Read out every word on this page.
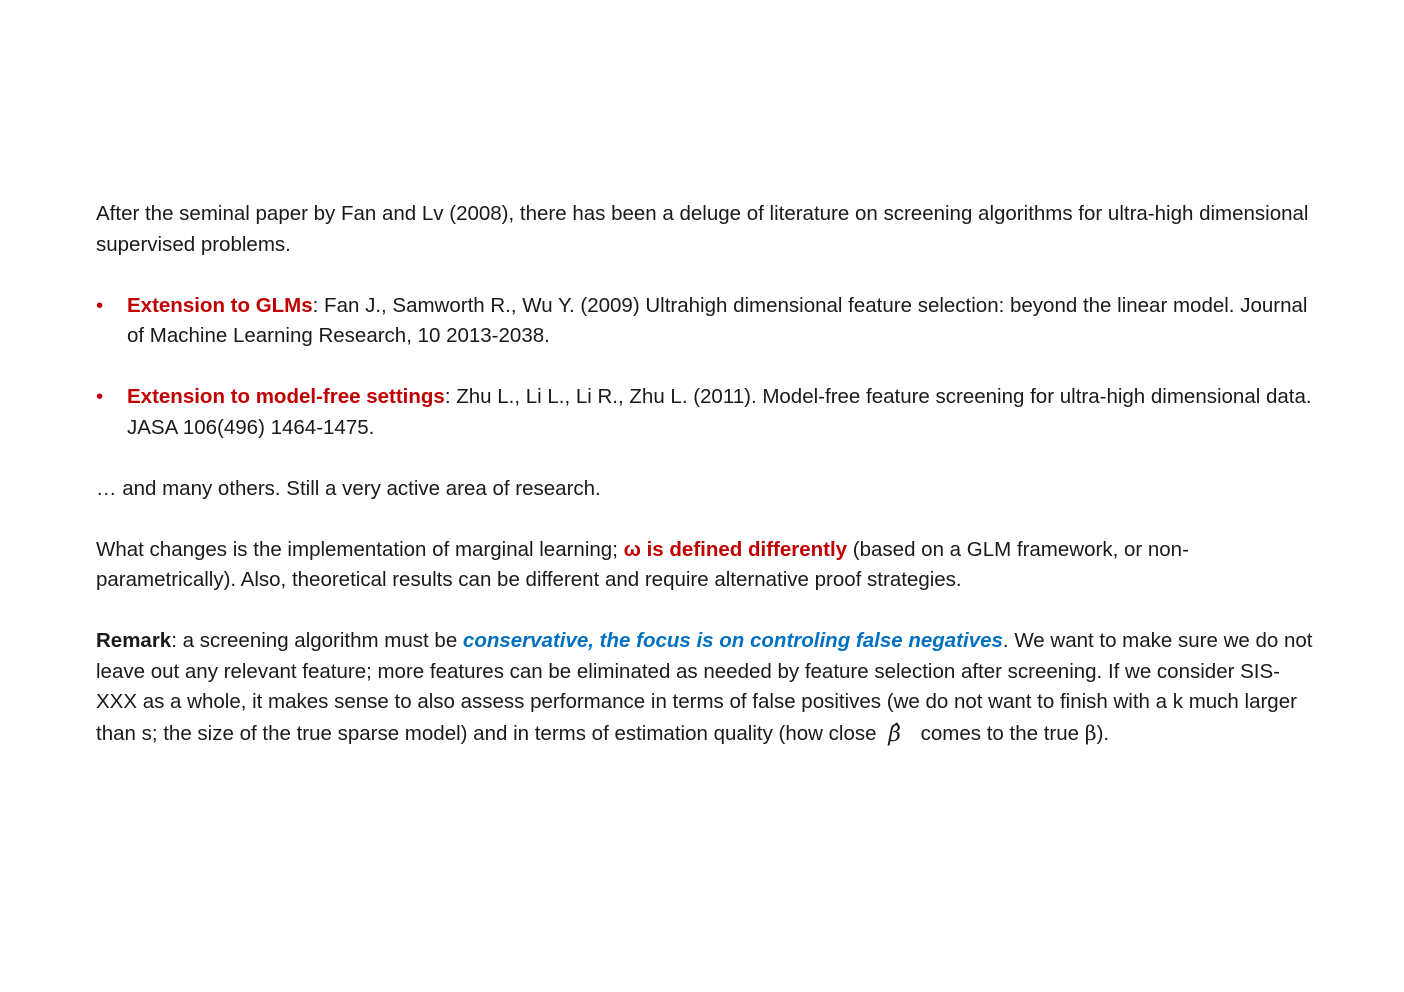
After the seminal paper by Fan and Lv (2008), there has been a deluge of literature on screening algorithms for ultra-high dimensional supervised problems.

• Extension to GLMs: Fan J., Samworth R., Wu Y. (2009) Ultrahigh dimensional feature selection: beyond the linear model. Journal of Machine Learning Research, 10 2013-2038.
• Extension to model-free settings: Zhu L., Li L., Li R., Zhu L. (2011). Model-free feature screening for ultra-high dimensional data. JASA 106(496) 1464-1475.

… and many others. Still a very active area of research.

What changes is the implementation of marginal learning; ω is defined differently (based on a GLM framework, or non-parametrically). Also, theoretical results can be different and require alternative proof strategies.

Remark: a screening algorithm must be conservative, the focus is on controling false negatives. We want to make sure we do not leave out any relevant feature; more features can be eliminated as needed by feature selection after screening. If we consider SIS-XXX as a whole, it makes sense to also assess performance in terms of false positives (we do not want to finish with a k much larger than s; the size of the true sparse model) and in terms of estimation quality (how close β̂ comes to the true β).
